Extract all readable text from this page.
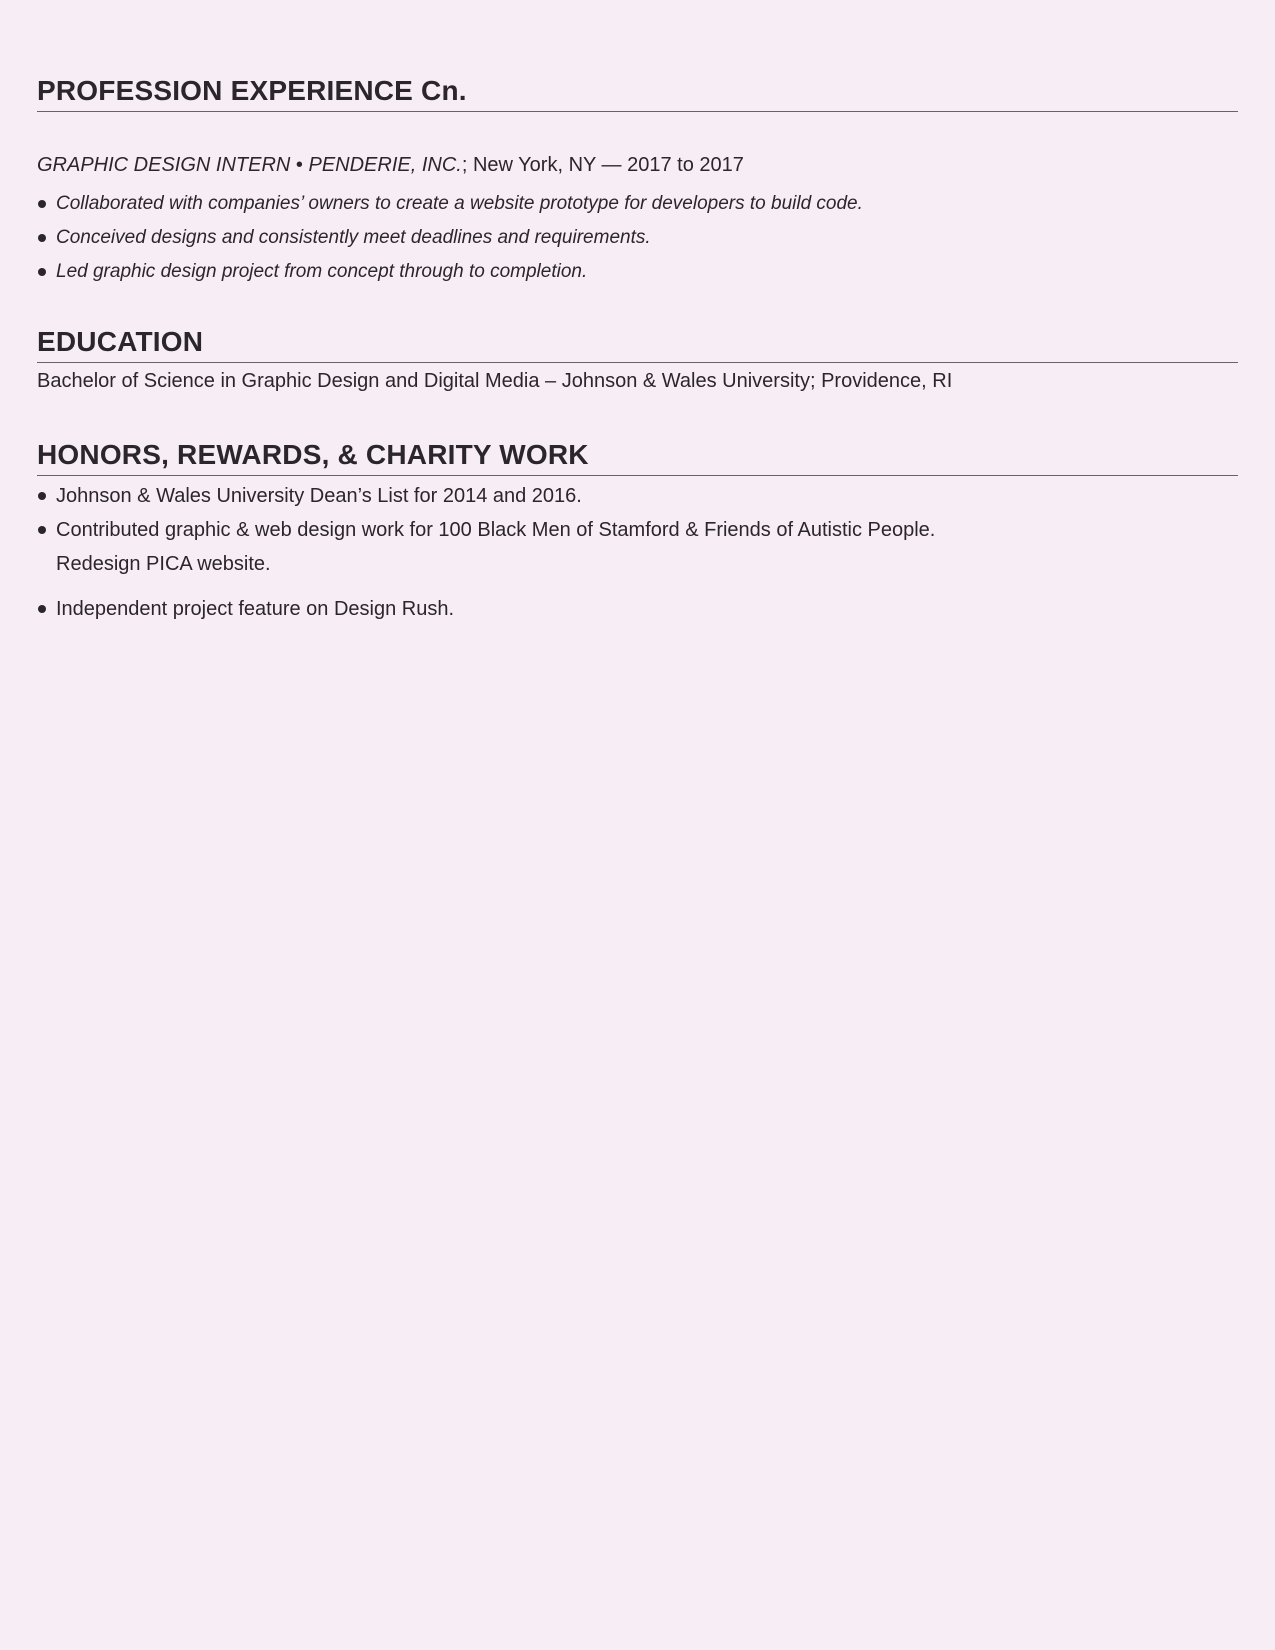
PROFESSION EXPERIENCE Cn.
GRAPHIC DESIGN INTERN • PENDERIE, INC.; New York, NY — 2017 to 2017
Collaborated with companies’ owners to create a website prototype for developers to build code.
Conceived designs and consistently meet deadlines and requirements.
Led graphic design project from concept through to completion.
EDUCATION
Bachelor of Science in Graphic Design and Digital Media – Johnson & Wales University; Providence, RI
HONORS, REWARDS, & CHARITY WORK
Johnson & Wales University Dean’s List for 2014 and 2016.
Contributed graphic & web design work for 100 Black Men of Stamford & Friends of Autistic People.
Redesign PICA website.
Independent project feature on Design Rush.
